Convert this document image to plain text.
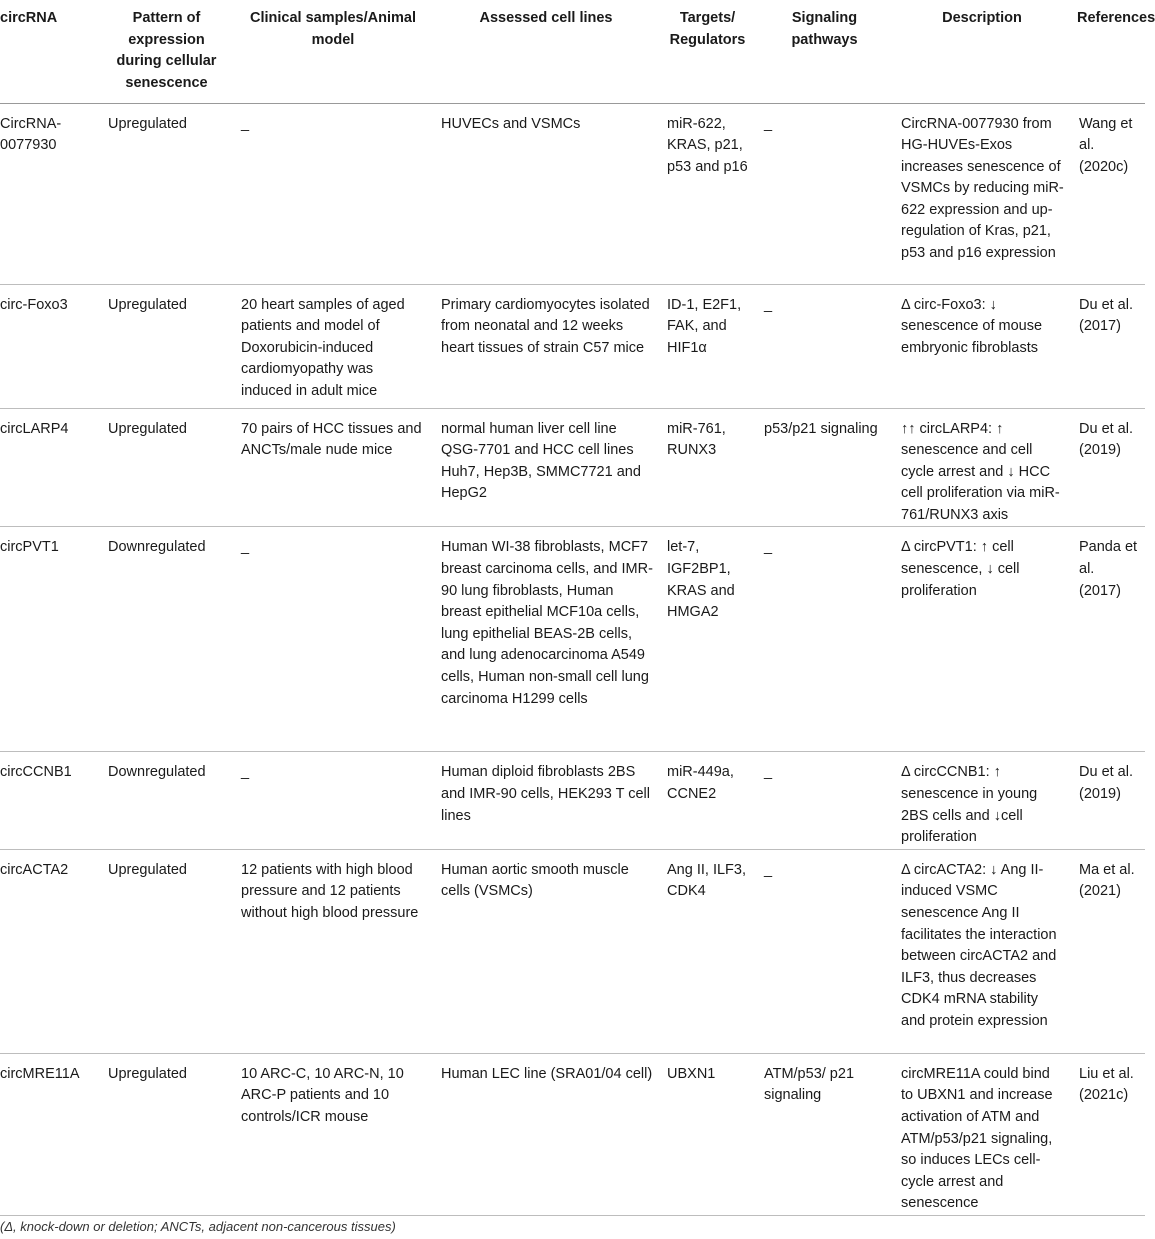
circRNA	Pattern of expression during cellular senescence	Clinical samples/Animal model	Assessed cell lines	Targets/ Regulators	Signaling pathways	Description	References
CircRNA-0077930	Upregulated	_	HUVECs and VSMCs	miR-622, KRAS, p21, p53 and p16	_	CircRNA-0077930 from HG-HUVEs-Exos increases senescence of VSMCs by reducing miR-622 expression and up-regulation of Kras, p21, p53 and p16 expression	Wang et al. (2020c)
circ-Foxo3	Upregulated	20 heart samples of aged patients and model of Doxorubicin-induced cardiomyopathy was induced in adult mice	Primary cardiomyocytes isolated from neonatal and 12 weeks heart tissues of strain C57 mice	ID-1, E2F1, FAK, and HIF1α	_	Δ circ-Foxo3: ↓ senescence of mouse embryonic fibroblasts	Du et al. (2017)
circLARP4	Upregulated	70 pairs of HCC tissues and ANCTs/male nude mice	normal human liver cell line QSG-7701 and HCC cell lines Huh7, Hep3B, SMMC7721 and HepG2	miR-761, RUNX3	p53/p21 signaling	↑↑ circLARP4: ↑ senescence and cell cycle arrest and ↓ HCC cell proliferation via miR-761/RUNX3 axis	Du et al. (2019)
circPVT1	Downregulated	_	Human WI-38 fibroblasts, MCF7 breast carcinoma cells, and IMR-90 lung fibroblasts, Human breast epithelial MCF10a cells, lung epithelial BEAS-2B cells, and lung adenocarcinoma A549 cells, Human non-small cell lung carcinoma H1299 cells	let-7, IGF2BP1, KRAS and HMGA2	_	Δ circPVT1: ↑ cell senescence, ↓ cell proliferation	Panda et al. (2017)
circCCNB1	Downregulated	_	Human diploid fibroblasts 2BS and IMR-90 cells, HEK293 T cell lines	miR-449a, CCNE2	_	Δ circCCNB1: ↑ senescence in young 2BS cells and ↓cell proliferation	Du et al. (2019)
circACTA2	Upregulated	12 patients with high blood pressure and 12 patients without high blood pressure	Human aortic smooth muscle cells (VSMCs)	Ang II, ILF3, CDK4	_	Δ circACTA2: ↓ Ang II-induced VSMC senescence Ang II facilitates the interaction between circACTA2 and ILF3, thus decreases CDK4 mRNA stability and protein expression	Ma et al. (2021)
circMRE11A	Upregulated	10 ARC-C, 10 ARC-N, 10 ARC-P patients and 10 controls/ICR mouse	Human LEC line (SRA01/04 cell)	UBXN1	ATM/p53/ p21 signaling	circMRE11A could bind to UBXN1 and increase activation of ATM and ATM/p53/p21 signaling, so induces LECs cell-cycle arrest and senescence	Liu et al. (2021c)
(Δ, knock-down or deletion; ANCTs, adjacent non-cancerous tissues)
